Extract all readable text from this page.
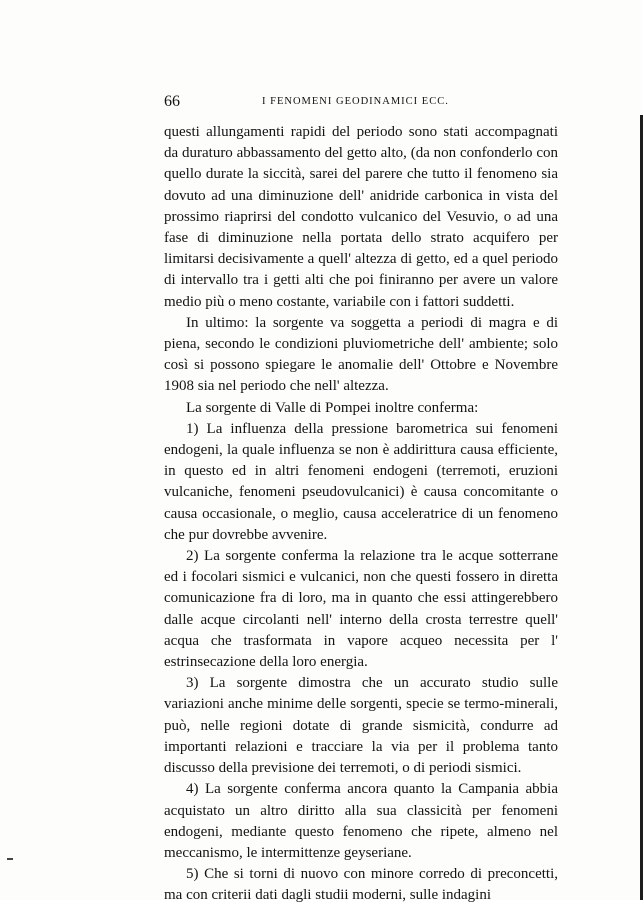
66	I FENOMENI GEODINAMICI ECC.

questi allungamenti rapidi del periodo sono stati accompagnati da duraturo abbassamento del getto alto, (da non confonderlo con quello durate la siccità, sarei del parere che tutto il fenomeno sia dovuto ad una diminuzione dell' anidride carbonica in vista del prossimo riaprirsi del condotto vulcanico del Vesuvio, o ad una fase di diminuzione nella portata dello strato acquifero per limitarsi decisivamente a quell' altezza di getto, ed a quel periodo di intervallo tra i getti alti che poi finiranno per avere un valore medio più o meno costante, variabile con i fattori suddetti.

In ultimo: la sorgente va soggetta a periodi di magra e di piena, secondo le condizioni pluviometriche dell' ambiente; solo così si possono spiegare le anomalie dell' Ottobre e Novembre 1908 sia nel periodo che nell' altezza.

La sorgente di Valle di Pompei inoltre conferma:

1) La influenza della pressione barometrica sui fenomeni endogeni, la quale influenza se non è addirittura causa efficiente, in questo ed in altri fenomeni endogeni (terremoti, eruzioni vulcaniche, fenomeni pseudovulcanici) è causa concomitante o causa occasionale, o meglio, causa acceleratrice di un fenomeno che pur dovrebbe avvenire.

2) La sorgente conferma la relazione tra le acque sotterrane ed i focolari sismici e vulcanici, non che questi fossero in diretta comunicazione fra di loro, ma in quanto che essi attingerebbero dalle acque circolanti nell' interno della crosta terrestre quell' acqua che trasformata in vapore acqueo necessita per l' estrinsecazione della loro energia.

3) La sorgente dimostra che un accurato studio sulle variazioni anche minime delle sorgenti, specie se termo-minerali, può, nelle regioni dotate di grande sismicità, condurre ad importanti relazioni e tracciare la via per il problema tanto discusso della previsione dei terremoti, o di periodi sismici.

4) La sorgente conferma ancora quanto la Campania abbia acquistato un altro diritto alla sua classicità per fenomeni endogeni, mediante questo fenomeno che ripete, almeno nel meccanismo, le intermittenze geyseriane.

5) Che si torni di nuovo con minore corredo di preconcetti, ma con criterii dati dagli studii moderni, sulle indagini
